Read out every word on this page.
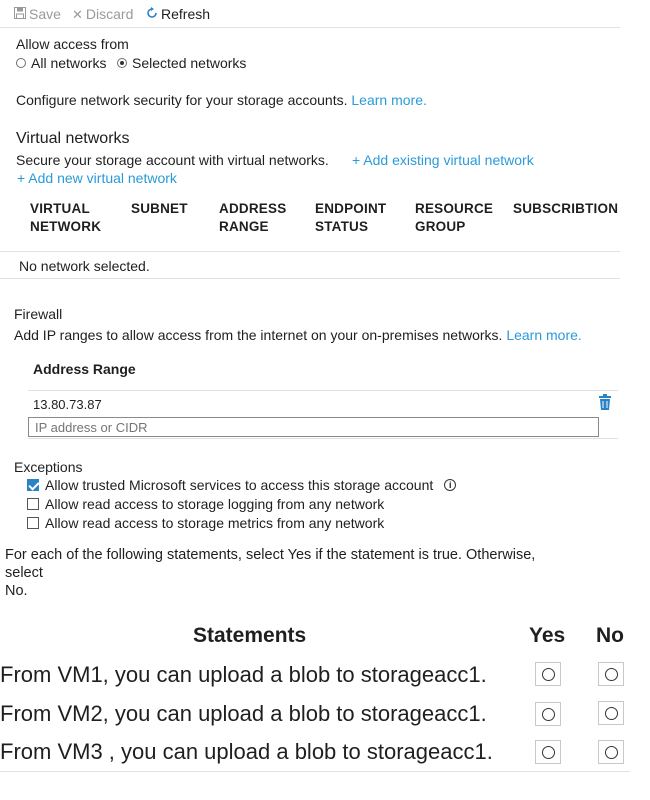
Save ✕ Discard Refresh
Allow access from
All networks Selected networks
Configure network security for your storage accounts. Learn more.
Virtual networks
Secure your storage account with virtual networks. + Add existing virtual network
+ Add new virtual network
VIRTUAL
NETWORK
SUBNET ADDRESS
RANGE
ENDPOINT
STATUS
RESOURCE
GROUP
SUBSCRIBTION
No network selected.
Firewall
Add IP ranges to allow access from the internet on your on-premises networks. Learn more.
Address Range
13.80.73.87
IP address or CIDR
Exceptions
Allow trusted Microsoft services to access this storage account	i
Allow read access to storage logging from any network
Allow read access to storage metrics from any network
For each of the following statements, select Yes if the statement is true. Otherwise,
select
No.
Statements	Yes No
From VM1, you can upload a blob to storageacc1.
From VM2, you can upload a blob to storageacc1.
From VM3 , you can upload a blob to storageacc1.
